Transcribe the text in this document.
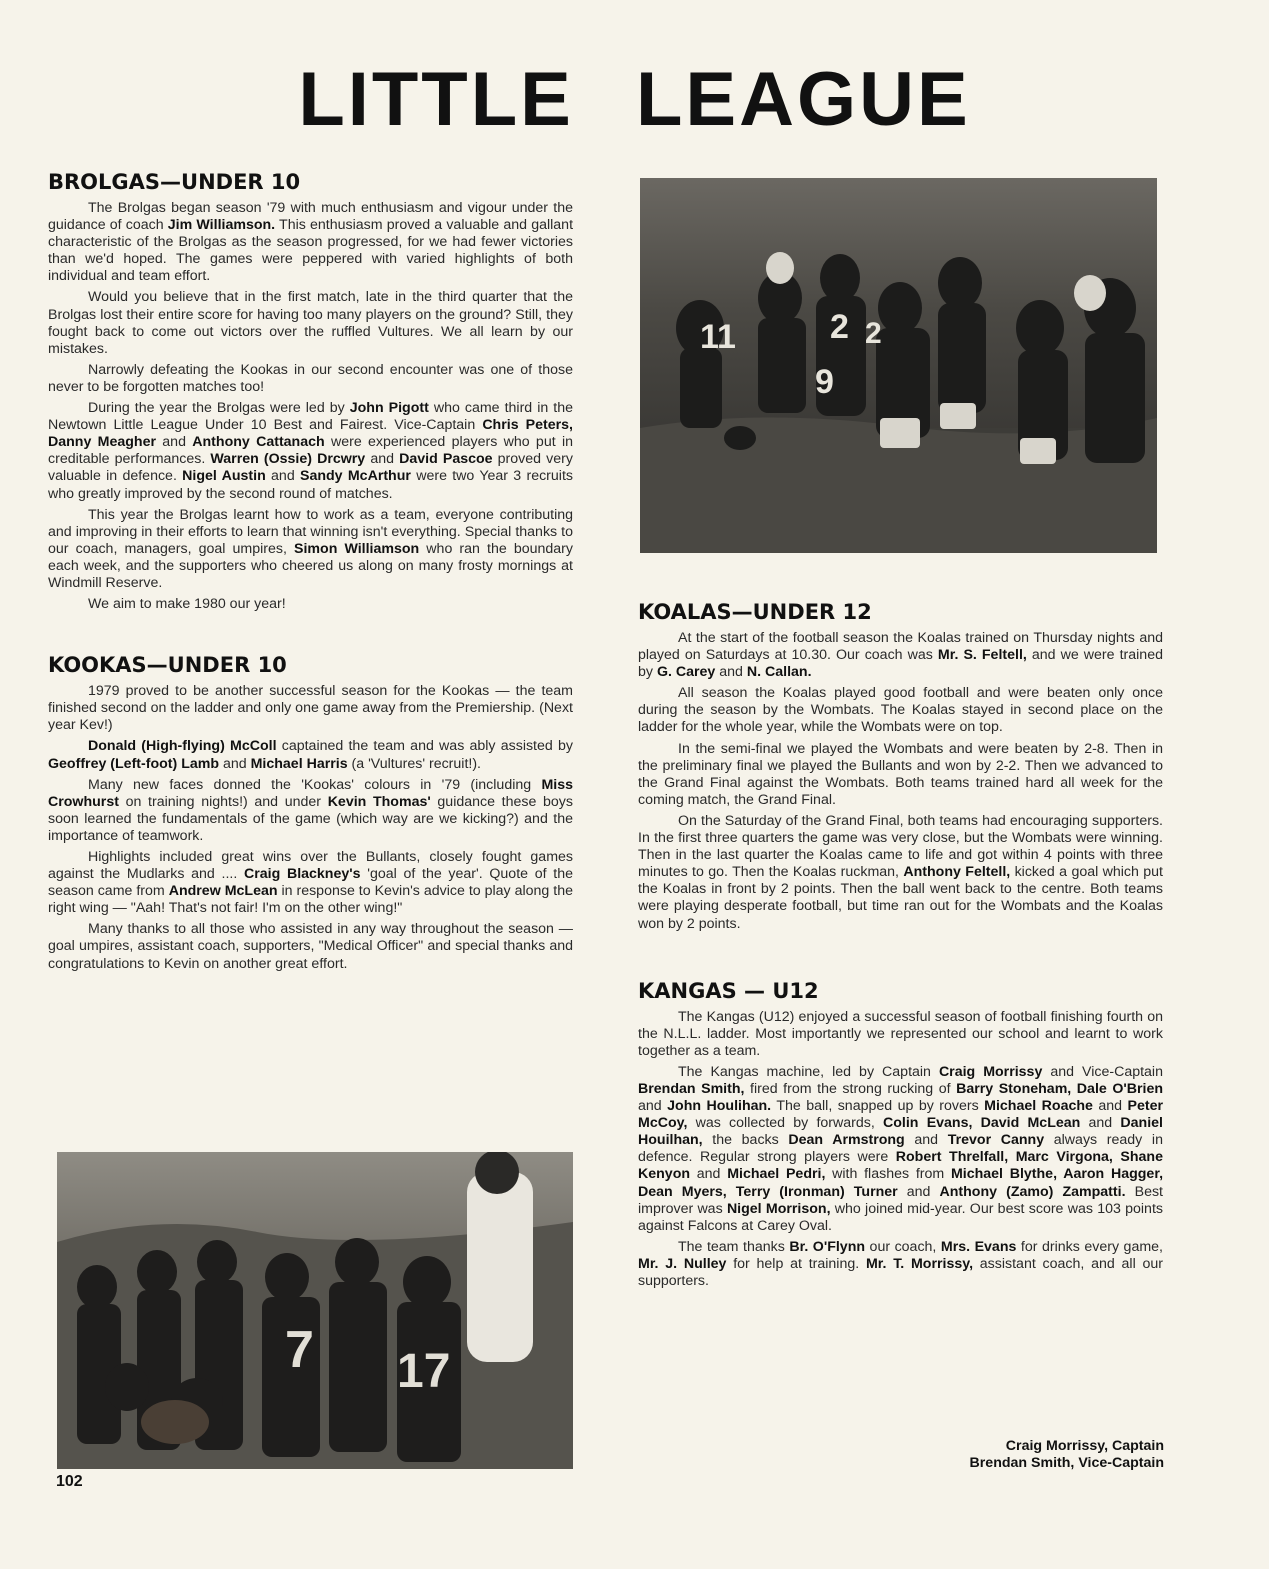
LITTLE LEAGUE
BROLGAS—UNDER 10

The Brolgas began season '79 with much enthusiasm and vigour under the guidance of coach Jim Williamson. This enthusiasm proved a valuable and gallant characteristic of the Brolgas as the season progressed, for we had fewer victories than we'd hoped. The games were peppered with varied highlights of both individual and team effort.

Would you believe that in the first match, late in the third quarter that the Brolgas lost their entire score for having too many players on the ground? Still, they fought back to come out victors over the ruffled Vultures. We all learn by our mistakes.

Narrowly defeating the Kookas in our second encounter was one of those never to be forgotten matches too!

During the year the Brolgas were led by John Pigott who came third in the Newtown Little League Under 10 Best and Fairest. Vice-Captain Chris Peters, Danny Meagher and Anthony Cattanach were experienced players who put in creditable performances. Warren (Ossie) Drcwry and David Pascoe proved very valuable in defence. Nigel Austin and Sandy McArthur were two Year 3 recruits who greatly improved by the second round of matches.

This year the Brolgas learnt how to work as a team, everyone contributing and improving in their efforts to learn that winning isn't everything. Special thanks to our coach, managers, goal umpires, Simon Williamson who ran the boundary each week, and the supporters who cheered us along on many frosty mornings at Windmill Reserve.

We aim to make 1980 our year!

KOOKAS—UNDER 10

1979 proved to be another successful season for the Kookas — the team finished second on the ladder and only one game away from the Premiership. (Next year Kev!)

Donald (High-flying) McColl captained the team and was ably assisted by Geoffrey (Left-foot) Lamb and Michael Harris (a 'Vultures' recruit!).

Many new faces donned the 'Kookas' colours in '79 (including Miss Crowhurst on training nights!) and under Kevin Thomas' guidance these boys soon learned the fundamentals of the game (which way are we kicking?) and the importance of teamwork.

Highlights included great wins over the Bullants, closely fought games against the Mudlarks and .... Craig Blackney's 'goal of the year'. Quote of the season came from Andrew McLean in response to Kevin's advice to play along the right wing — "Aah! That's not fair! I'm on the other wing!"

Many thanks to all those who assisted in any way throughout the season — goal umpires, assistant coach, supporters, "Medical Officer" and special thanks and congratulations to Kevin on another great effort.

11	2 2
9
KOALAS—UNDER 12

At the start of the football season the Koalas trained on Thursday nights and played on Saturdays at 10.30. Our coach was Mr. S. Feltell, and we were trained by G. Carey and N. Callan.

All season the Koalas played good football and were beaten only once during the season by the Wombats. The Koalas stayed in second place on the ladder for the whole year, while the Wombats were on top.

In the semi-final we played the Wombats and were beaten by 2-8. Then in the preliminary final we played the Bullants and won by 2-2. Then we advanced to the Grand Final against the Wombats. Both teams trained hard all week for the coming match, the Grand Final.

On the Saturday of the Grand Final, both teams had encouraging supporters. In the first three quarters the game was very close, but the Wombats were winning. Then in the last quarter the Koalas came to life and got within 4 points with three minutes to go. Then the Koalas ruckman, Anthony Feltell, kicked a goal which put the Koalas in front by 2 points. Then the ball went back to the centre. Both teams were playing desperate football, but time ran out for the Wombats and the Koalas won by 2 points.

KANGAS — U12

The Kangas (U12) enjoyed a successful season of football finishing fourth on the N.L.L. ladder. Most importantly we represented our school and learnt to work together as a team.

The Kangas machine, led by Captain Craig Morrissy and Vice-Captain Brendan Smith, fired from the strong rucking of Barry Stoneham, Dale O'Brien and John Houlihan. The ball, snapped up by rovers Michael Roache and Peter McCoy, was collected by forwards, Colin Evans, David McLean and Daniel Houilhan, the backs Dean Armstrong and Trevor Canny always ready in defence. Regular strong players were Robert Threlfall, Marc Virgona, Shane Kenyon and Michael Pedri, with flashes from Michael Blythe, Aaron Hagger, Dean Myers, Terry (Ironman) Turner and Anthony (Zamo) Zampatti. Best improver was Nigel Morrison, who joined mid-year. Our best score was 103 points against Falcons at Carey Oval.

The team thanks Br. O'Flynn our coach, Mrs. Evans for drinks every game, Mr. J. Nulley for help at training. Mr. T. Morrissy, assistant coach, and all our supporters.

Craig Morrissy, Captain
Brendan Smith, Vice-Captain
7 17
102
